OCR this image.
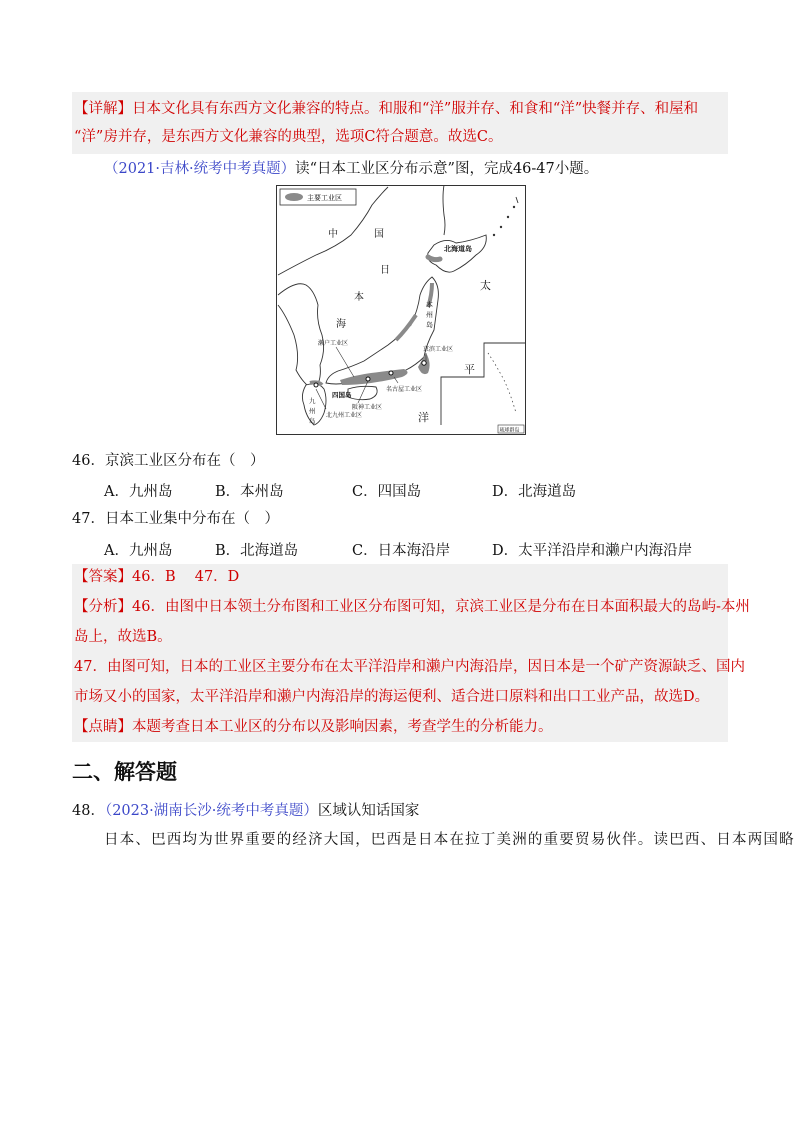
【详解】日本文化具有东西方文化兼容的特点。和服和“洋”服并存、和食和“洋”快餐并存、和屋和
“洋”房并存，是东西方文化兼容的典型，选项C符合题意。故选C。
（2021·吉林·统考中考真题）读“日本工业区分布示意”图，完成46-47小题。
主要工业区
琉球群岛
中	国
日
本
海
太
平
洋
北海道岛
本
州
岛
京滨工业区
濑户工业区
名古屋工业区
阪神工业区
北九州工业区
四国岛
九
州
岛
46．京滨工业区分布在（　）
A．九州岛	B．本州岛	C．四国岛	D．北海道岛
47．日本工业集中分布在（　）
A．九州岛	B．北海道岛	C．日本海沿岸	D．太平洋沿岸和濑户内海沿岸
【答案】46．B　 47．D
【分析】46．由图中日本领土分布图和工业区分布图可知，京滨工业区是分布在日本面积最大的岛屿-本州
岛上，故选B。
47．由图可知，日本的工业区主要分布在太平洋沿岸和濑户内海沿岸，因日本是一个矿产资源缺乏、国内
市场又小的国家，太平洋沿岸和濑户内海沿岸的海运便利、适合进口原料和出口工业产品，故选D。
【点睛】本题考查日本工业区的分布以及影响因素，考查学生的分析能力。
二、解答题
48．（2023·湖南长沙·统考中考真题）区域认知话国家
日本、巴西均为世界重要的经济大国，巴西是日本在拉丁美洲的重要贸易伙伴。读巴西、日本两国略
